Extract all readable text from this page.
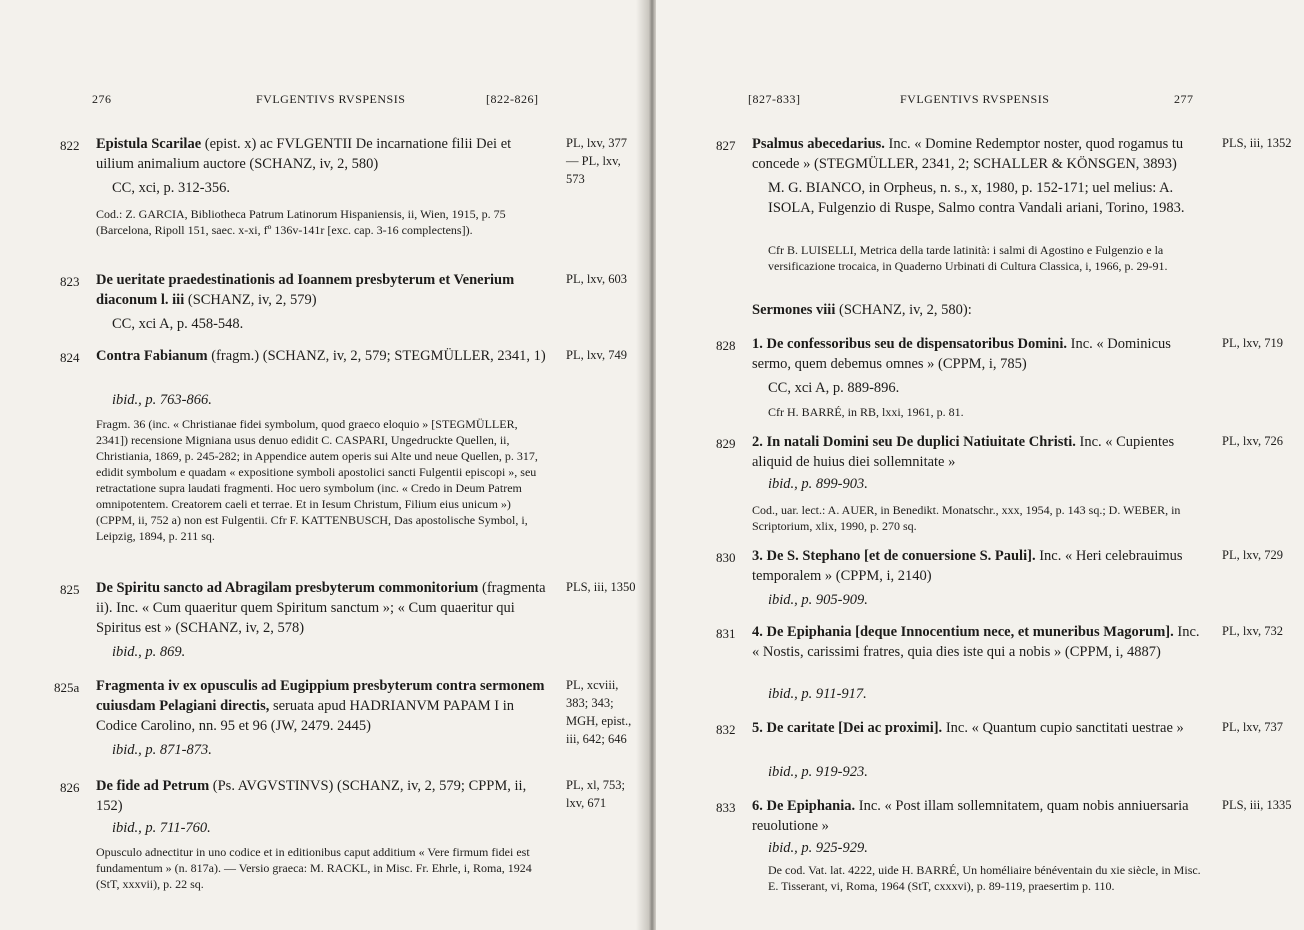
276	FVLGENTIVS RVSPENSIS	[822-826]
822 Epistula Scarilae (epist. x) ac FVLGENTII De incarnatione filii Dei et uilium animalium auctore (SCHANZ, iv, 2, 580)
CC, xci, p. 312-356.
Cod.: Z. GARCIA, Bibliotheca Patrum Latinorum Hispaniensis, ii, Wien, 1915, p. 75 (Barcelona, Ripoll 151, saec. x-xi, fº 136v-141r [exc. cap. 3-16 complectens]).
PL, lxv, 377 — PL, lxv, 573
823 De ueritate praedestinationis ad Ioannem presbyterum et Venerium diaconum l. iii (SCHANZ, iv, 2, 579)
CC, xci A, p. 458-548.
PL, lxv, 603
824 Contra Fabianum (fragm.) (SCHANZ, iv, 2, 579; STEGMÜLLER, 2341, 1)
ibid., p. 763-866.
Fragm. 36 (inc. « Christianae fidei symbolum, quod graeco eloquio » [STEGMÜLLER, 2341]) recensione Migniana usus denuo edidit C. CASPARI, Ungedruckte Quellen, ii, Christiania, 1869, p. 245-282; in Appendice autem operis sui Alte und neue Quellen, p. 317, edidit symbolum e quadam « expositione symboli apostolici sancti Fulgentii episcopi », seu retractatione supra laudati fragmenti. Hoc uero symbolum (inc. « Credo in Deum Patrem omnipotentem. Creatorem caeli et terrae. Et in Iesum Christum, Filium eius unicum ») (CPPM, ii, 752 a) non est Fulgentii. Cfr F. KATTENBUSCH, Das apostolische Symbol, i, Leipzig, 1894, p. 211 sq.
PL, lxv, 749
825 De Spiritu sancto ad Abragilam presbyterum commonitorium (fragmenta ii). Inc. « Cum quaeritur quem Spiritum sanctum »; « Cum quaeritur qui Spiritus est » (SCHANZ, iv, 2, 578)
ibid., p. 869.
PLS, iii, 1350
825a Fragmenta iv ex opusculis ad Eugippium presbyterum contra sermonem cuiusdam Pelagiani directis, seruata apud HADRIANVM PAPAM I in Codice Carolino, nn. 95 et 96 (JW, 2479. 2445)
ibid., p. 871-873.
PL, xcviii, 383; 343; MGH, epist., iii, 642; 646
826 De fide ad Petrum (Ps. AVGVSTINVS) (SCHANZ, iv, 2, 579; CPPM, ii, 152)
ibid., p. 711-760.
Opusculo adnectitur in uno codice et in editionibus caput additium « Vere firmum fidei est fundamentum » (n. 817a). — Versio graeca: M. RACKL, in Misc. Fr. Ehrle, i, Roma, 1924 (StT, xxxvii), p. 22 sq.
PL, xl, 753; lxv, 671
[827-833]	FVLGENTIVS RVSPENSIS	277
827 Psalmus abecedarius. Inc. « Domine Redemptor noster, quod rogamus tu concede » (STEGMÜLLER, 2341, 2; SCHALLER & KÖNSGEN, 3893)
M. G. BIANCO, in Orpheus, n. s., x, 1980, p. 152-171; uel melius: A. ISOLA, Fulgenzio di Ruspe, Salmo contra Vandali ariani, Torino, 1983.
Cfr B. LUISELLI, Metrica della tarde latinità: i salmi di Agostino e Fulgenzio e la versificazione trocaica, in Quaderno Urbinati di Cultura Classica, i, 1966, p. 29-91.
PLS, iii, 1352
Sermones viii (SCHANZ, iv, 2, 580):
828 1. De confessoribus seu de dispensatoribus Domini. Inc. « Dominicus sermo, quem debemus omnes » (CPPM, i, 785)
CC, xci A, p. 889-896.
Cfr H. BARRÉ, in RB, lxxi, 1961, p. 81.
PL, lxv, 719
829 2. In natali Domini seu De duplici Natiuitate Christi. Inc. « Cupientes aliquid de huius diei sollemnitate »
ibid., p. 899-903.
Cod., uar. lect.: A. AUER, in Benedikt. Monatschr., xxx, 1954, p. 143 sq.; D. WEBER, in Scriptorium, xlix, 1990, p. 270 sq.
PL, lxv, 726
830 3. De S. Stephano [et de conuersione S. Pauli]. Inc. « Heri celebrauimus temporalem » (CPPM, i, 2140)
ibid., p. 905-909.
PL, lxv, 729
831 4. De Epiphania [deque Innocentium nece, et muneribus Magorum]. Inc. « Nostis, carissimi fratres, quia dies iste qui a nobis » (CPPM, i, 4887)
ibid., p. 911-917.
PL, lxv, 732
832 5. De caritate [Dei ac proximi]. Inc. « Quantum cupio sanctitati uestrae »
ibid., p. 919-923.
PL, lxv, 737
833 6. De Epiphania. Inc. « Post illam sollemnitatem, quam nobis anniuersaria reuolutione »
ibid., p. 925-929.
De cod. Vat. lat. 4222, uide H. BARRÉ, Un homéliaire bénéventain du xie siècle, in Misc. E. Tisserant, vi, Roma, 1964 (StT, cxxxvi), p. 89-119, praesertim p. 110.
PLS, iii, 1335
